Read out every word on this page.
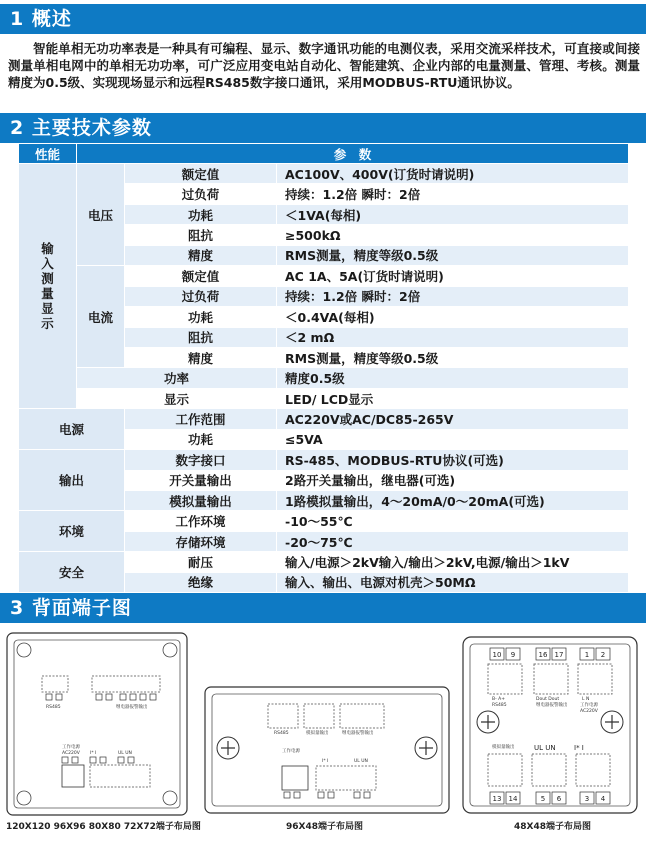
1 概述

智能单相无功功率表是一种具有可编程、显示、数字通讯功能的电测仪表，采用交流采样技术，可直接或间接测量单相电网中的单相无功功率，可广泛应用变电站自动化、智能建筑、企业内部的电量测量、管理、考核。测量精度为0.5级、实现现场显示和远程RS485数字接口通讯，采用MODBUS-RTU通讯协议。

2 主要技术参数
性能	参　数		
输入测量显示	电压	额定值	AC100V、400V(订货时请说明)
		过负荷	持续：1.2倍 瞬时：2倍
		功耗	＜1VA(每相)
		阻抗	≥500kΩ
		精度	RMS测量，精度等级0.5级
	电流	额定值	AC 1A、5A(订货时请说明)
		过负荷	持续：1.2倍 瞬时：2倍
		功耗	＜0.4VA(每相)
		阻抗	＜2 mΩ
		精度	RMS测量，精度等级0.5级
	功率		精度0.5级
	显示		LED/ LCD显示
电源		工作范围	AC220V或AC/DC85-265V
		功耗	≤5VA
输出		数字接口	RS-485、MODBUS-RTU协议(可选)
		开关量输出	2路开关量输出，继电器(可选)
		模拟量输出	1路模拟量输出，4～20mA/0～20mA(可选)
环境		工作环境	-10～55℃
		存储环境	-20～75℃
安全		耐压	输入/电源＞2kV输入/输出＞2kV,电源/输出＞1kV
		绝缘	输入、输出、电源对机壳＞50MΩ
3 背面端子图
RS485	继电器报警输出
工作电源
AC220V I* I	UL UN
120X120 96X96 80X80 72X72端子布局图
RS485	模拟量输出	继电器报警输出
工作电源
I* I	UL UN
96X48端子布局图
10 9	16 17	1 2
13 14	5 6	3 4
B- A+
RS485
Dout Dout
继电器报警输出
L N
工作电源
AC220V
模拟量输出	UL UN	I* I
48X48端子布局图
